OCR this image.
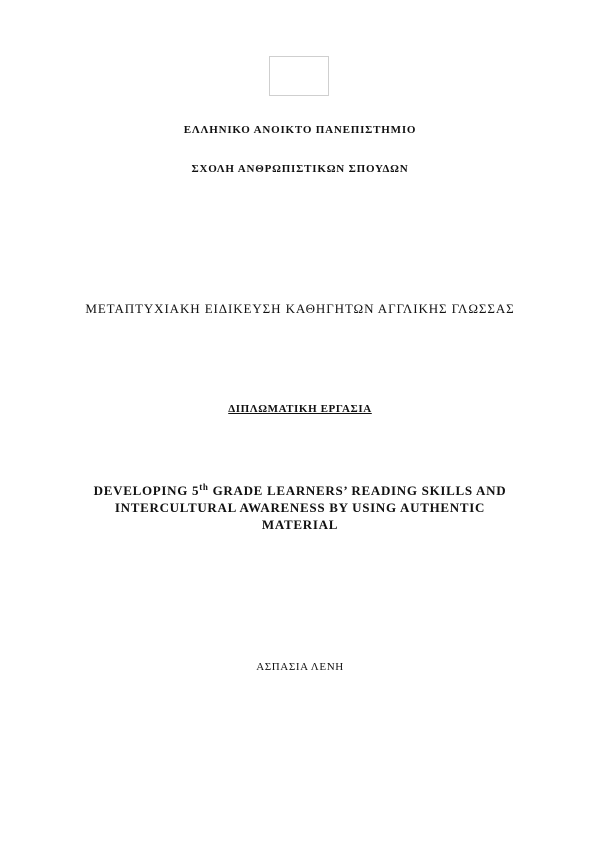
ΕΛΛΗΝΙΚΟ ΑΝΟΙΚΤΟ ΠΑΝΕΠΙΣΤΗΜΙΟ
ΣΧΟΛΗ ΑΝΘΡΩΠΙΣΤΙΚΩΝ ΣΠΟΥΔΩΝ
ΜΕΤΑΠΤΥΧΙΑΚΗ ΕΙΔΙΚΕΥΣΗ ΚΑΘΗΓΗΤΩΝ ΑΓΓΛΙΚΗΣ ΓΛΩΣΣΑΣ
ΔΙΠΛΩΜΑΤΙΚΗ ΕΡΓΑΣΙΑ
DEVELOPING 5th GRADE LEARNERS’ READING SKILLS AND
INTERCULTURAL AWARENESS BY USING AUTHENTIC
MATERIAL
ΑΣΠΑΣΙΑ ΛΕΝΗ
